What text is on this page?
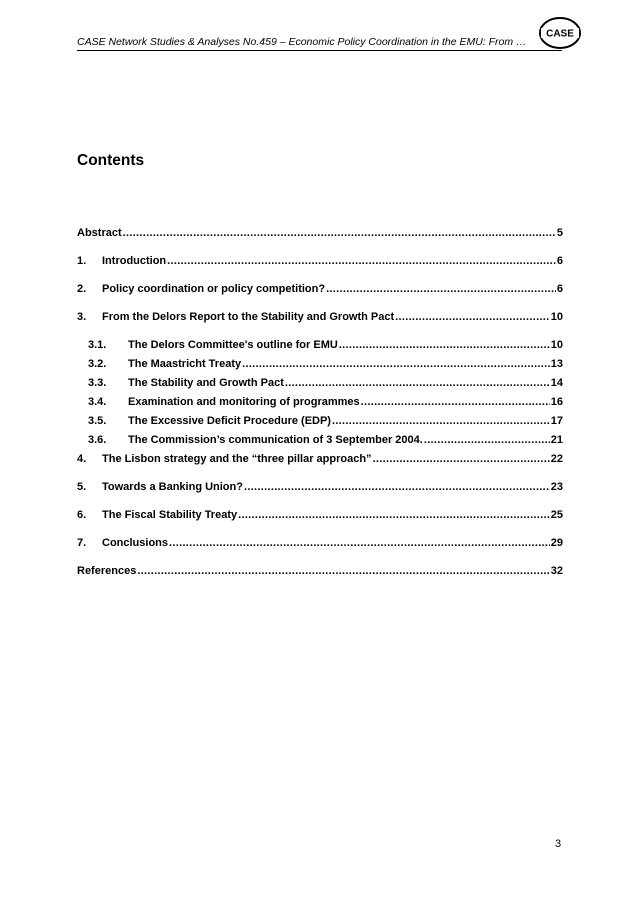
CASE Network Studies & Analyses No.459 – Economic Policy Coordination in the EMU: From …
CASE
Contents
Abstract .....	5
1.	Introduction .....	6
2.	Policy coordination or policy competition? .....	6
3.	From the Delors Report to the Stability and Growth Pact .....	10
3.1.	The Delors Committee's outline for EMU .....	10
3.2.	The Maastricht Treaty .....	13
3.3.	The Stability and Growth Pact .....	14
3.4.	Examination and monitoring of programmes .....	16
3.5.	The Excessive Deficit Procedure (EDP) .....	17
3.6.	The Commission’s communication of 3 September 2004. .....	21
4.	The Lisbon strategy and the “three pillar approach” .....	22
5.	Towards a Banking Union? .....	23
6.	The Fiscal Stability Treaty .....	25
7.	Conclusions .....	29
References .....	32
3
